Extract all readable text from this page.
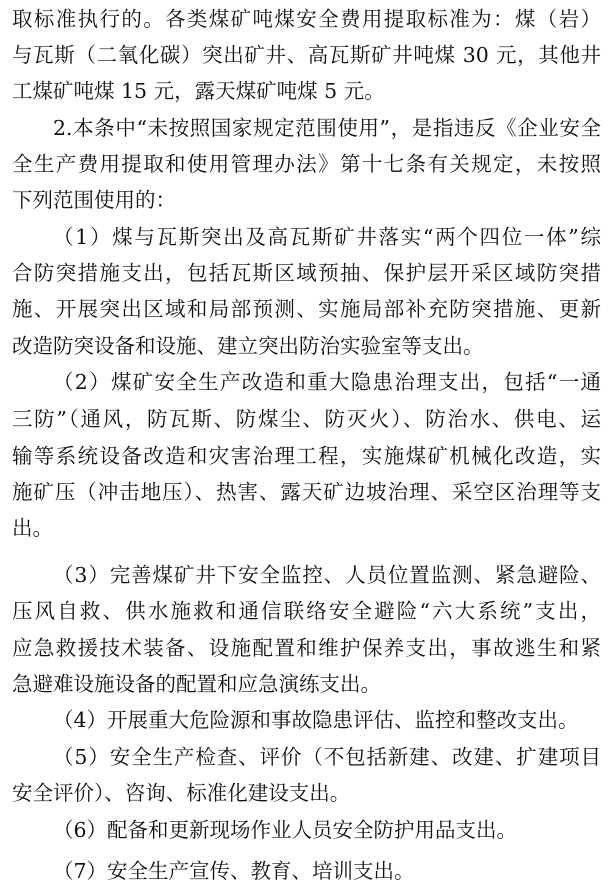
取标准执行的。各类煤矿吨煤安全费用提取标准为：煤（岩）
与瓦斯（二氧化碳）突出矿井、高瓦斯矿井吨煤 30 元，其他井
工煤矿吨煤 15 元，露天煤矿吨煤 5 元。
2.本条中“未按照国家规定范围使用”，是指违反《企业安全
全生产费用提取和使用管理办法》第十七条有关规定，未按照
下列范围使用的：
（1）煤与瓦斯突出及高瓦斯矿井落实“两个四位一体”综
合防突措施支出，包括瓦斯区域预抽、保护层开采区域防突措
施、开展突出区域和局部预测、实施局部补充防突措施、更新
改造防突设备和设施、建立突出防治实验室等支出。
（2）煤矿安全生产改造和重大隐患治理支出，包括“一通
三防”（通风，防瓦斯、防煤尘、防灭火）、防治水、供电、运
输等系统设备改造和灾害治理工程，实施煤矿机械化改造，实
施矿压（冲击地压）、热害、露天矿边坡治理、采空区治理等支
出。
（3）完善煤矿井下安全监控、人员位置监测、紧急避险、
压风自救、供水施救和通信联络安全避险“六大系统”支出，
应急救援技术装备、设施配置和维护保养支出，事故逃生和紧
急避难设施设备的配置和应急演练支出。
（4）开展重大危险源和事故隐患评估、监控和整改支出。
（5）安全生产检查、评价（不包括新建、改建、扩建项目
安全评价）、咨询、标准化建设支出。
（6）配备和更新现场作业人员安全防护用品支出。
（7）安全生产宣传、教育、培训支出。
